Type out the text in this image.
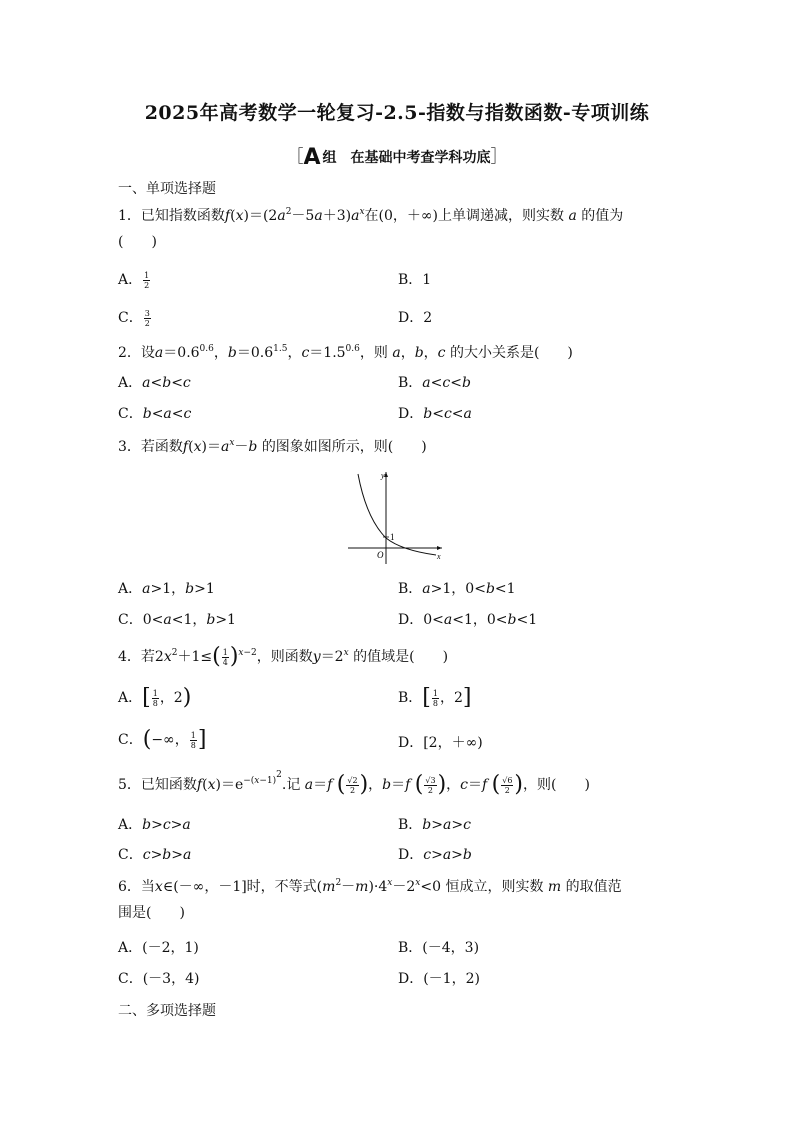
2025年高考数学一轮复习-2.5-指数与指数函数-专项训练
［A 组　在基础中考查学科功底］
一、单项选择题
1．已知指数函数$f(x)=(2a^2-5a+3)a^x$在(0，＋∞)上单调递减，则实数 a 的值为
(　　)
A． $\frac{1}{2}$	B．1
C． $\frac{3}{2}$	D．2
2．设$a=0.6^{0.6}$，$b=0.6^{1.5}$，$c=1.5^{0.6}$，则 a，b，c 的大小关系是(　　)
A．a<b<c	B．a<c<b
C．b<a<c	D．b<c<a
3．若函数$f(x)=a^x-b$ 的图象如图所示，则(　　)
y
x
O
1
A．a>1，b>1	B．a>1，0<b<1
C．0<a<1，b>1	D．0<a<1，0<b<1
4．若$2x^2+1\le( \frac{1}{4} )^{x-2}$，则函数$y=2^x$ 的值域是(　　)
A．[ $\frac{1}{8}$ ，2)	B．[ $\frac{1}{8}$ ，2]
C．(−∞， $\frac{1}{8}$ ]	D．[2，＋∞)
5．已知函数$f(x)=e^{-(x-1)^2}$.记 a＝f ( $\frac{√2}{2}$ )，b＝f ( $\frac{√3}{2}$ )，c＝f ( $\frac{√6}{2}$ )，则(　　)
A．b>c>a	B．b>a>c
C．c>b>a	D．c>a>b
6．当x∈(－∞，－1]时，不等式$(m^2-m)\cdot 4^x-2^x<0$ 恒成立，则实数 m 的取值范
围是(　　)
A．(－2，1)	B．(－4，3)
C．(－3，4)	D．(－1，2)
二、多项选择题
